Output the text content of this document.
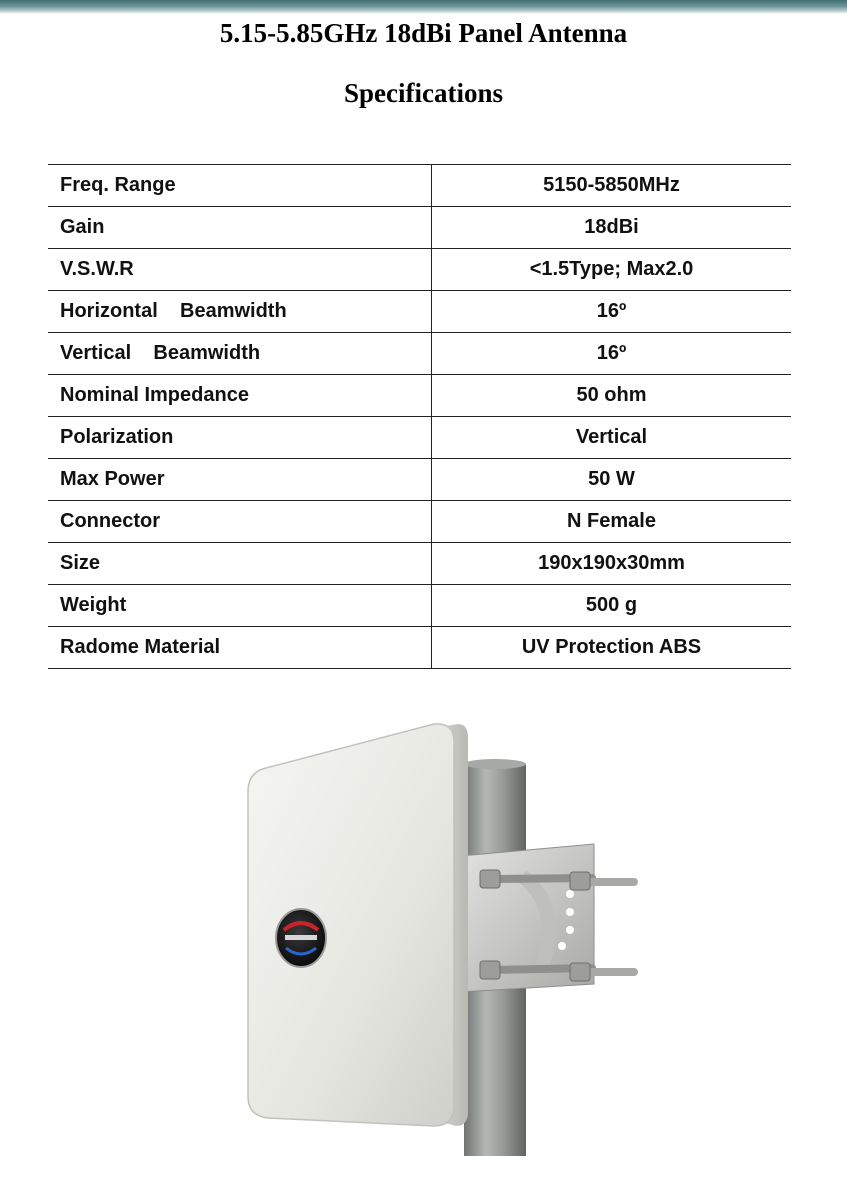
5.15-5.85GHz 18dBi Panel Antenna
Specifications
Freq. Range	5150-5850MHz
Gain	18dBi
V.S.W.R	<1.5Type; Max2.0
Horizontal    Beamwidth	16º
Vertical    Beamwidth	16º
Nominal Impedance	50 ohm
Polarization	Vertical
Max Power	50 W
Connector	N Female
Size	190x190x30mm
Weight	500 g
Radome Material	UV Protection ABS
